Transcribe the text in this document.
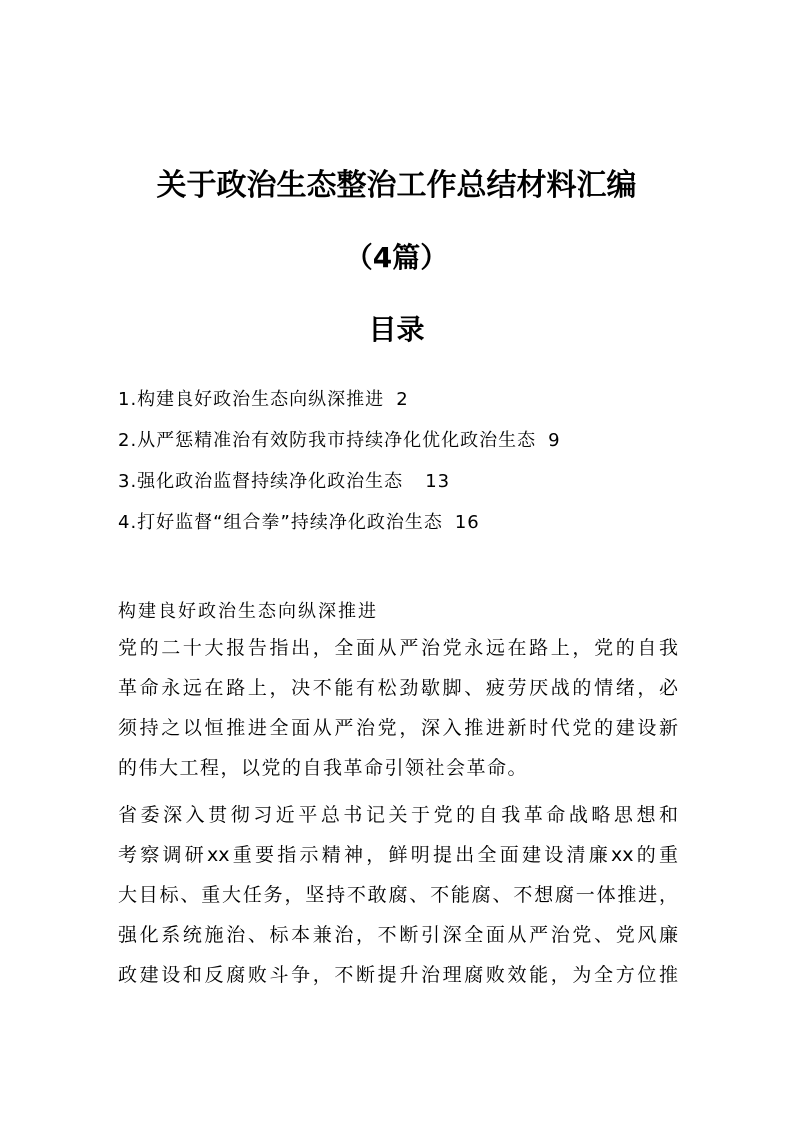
关于政治生态整治工作总结材料汇编
（4篇）
目录
1.构建良好政治生态向纵深推进 2
2.从严惩精准治有效防我市持续净化优化政治生态 9
3.强化政治监督持续净化政治生态 13
4.打好监督“组合拳”持续净化政治生态 16
构建良好政治生态向纵深推进
党的二十大报告指出，全面从严治党永远在路上，党的自我
革命永远在路上，决不能有松劲歇脚、疲劳厌战的情绪，必
须持之以恒推进全面从严治党，深入推进新时代党的建设新
的伟大工程，以党的自我革命引领社会革命。
省委深入贯彻习近平总书记关于党的自我革命战略思想和
考察调研xx重要指示精神，鲜明提出全面建设清廉xx的重
大目标、重大任务，坚持不敢腐、不能腐、不想腐一体推进，
强化系统施治、标本兼治，不断引深全面从严治党、党风廉
政建设和反腐败斗争，不断提升治理腐败效能，为全方位推
